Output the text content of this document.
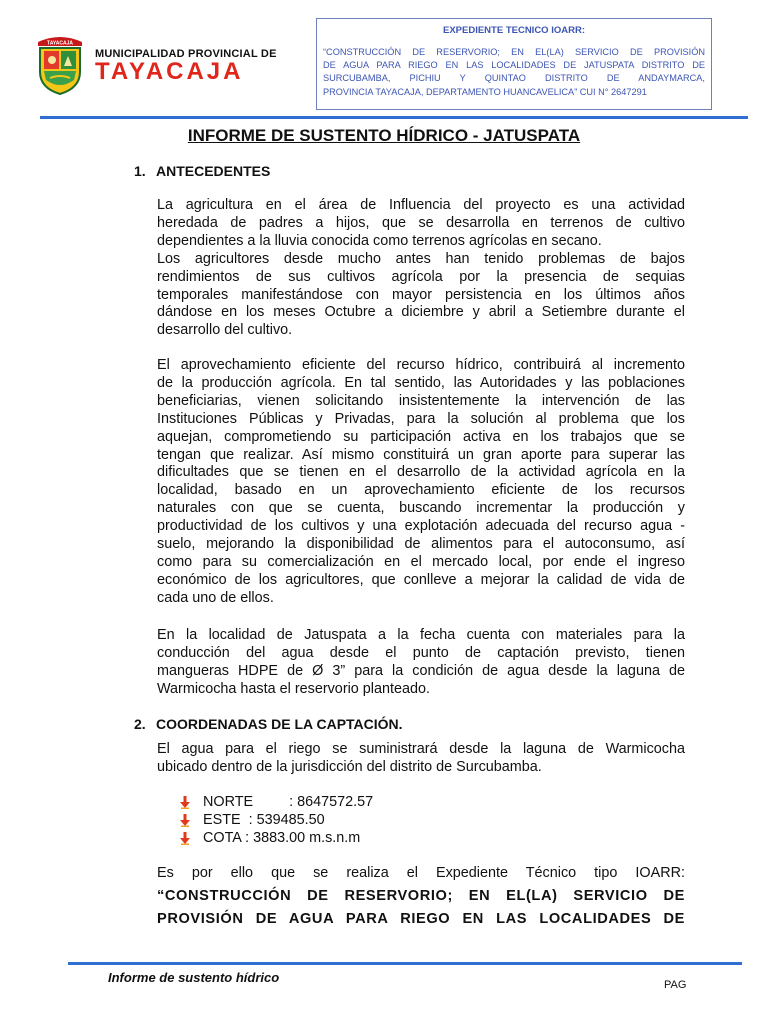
TAYACAJA
MUNICIPALIDAD PROVINCIAL DE
TAYACAJA
EXPEDIENTE TECNICO IOARR:
“CONSTRUCCIÓN DE RESERVORIO; EN EL(LA) SERVICIO DE PROVISIÓN
DE AGUA PARA RIEGO EN LAS LOCALIDADES DE JATUSPATA DISTRITO DE
SURCUBAMBA, PICHIU Y QUINTAO DISTRITO DE ANDAYMARCA,
PROVINCIA TAYACAJA, DEPARTAMENTO HUANCAVELICA” CUI N° 2647291
INFORME DE SUSTENTO HÍDRICO - JATUSPATA
1. ANTECEDENTES
La agricultura en el área de Influencia del proyecto es una actividad
heredada de padres a hijos, que se desarrolla en terrenos de cultivo
dependientes a la lluvia conocida como terrenos agrícolas en secano.
Los agricultores desde mucho antes han tenido problemas de bajos
rendimientos de sus cultivos agrícola por la presencia de sequias
temporales manifestándose con mayor persistencia en los últimos años
dándose en los meses Octubre a diciembre y abril a Setiembre durante el
desarrollo del cultivo.
El aprovechamiento eficiente del recurso hídrico, contribuirá al incremento
de la producción agrícola. En tal sentido, las Autoridades y las poblaciones
beneficiarias, vienen solicitando insistentemente la intervención de las
Instituciones Públicas y Privadas, para la solución al problema que los
aquejan, comprometiendo su participación activa en los trabajos que se
tengan que realizar. Así mismo constituirá un gran aporte para superar las
dificultades que se tienen en el desarrollo de la actividad agrícola en la
localidad, basado en un aprovechamiento eficiente de los recursos
naturales con que se cuenta, buscando incrementar la producción y
productividad de los cultivos y una explotación adecuada del recurso agua -
suelo, mejorando la disponibilidad de alimentos para el autoconsumo, así
como para su comercialización en el mercado local, por ende el ingreso
económico de los agricultores, que conlleve a mejorar la calidad de vida de
cada uno de ellos.
En la localidad de Jatuspata a la fecha cuenta con materiales para la
conducción del agua desde el punto de captación previsto, tienen
mangueras HDPE de Ø 3” para la condición de agua desde la laguna de
Warmicocha hasta el reservorio planteado.
2. COORDENADAS DE LA CAPTACIÓN.
El agua para el riego se suministrará desde la laguna de Warmicocha
ubicado dentro de la jurisdicción del distrito de Surcubamba.
NORTE         : 8647572.57
ESTE  : 539485.50
COTA : 3883.00 m.s.n.m
Es por ello que se realiza el Expediente Técnico tipo IOARR:
“CONSTRUCCIÓN DE RESERVORIO; EN EL(LA) SERVICIO DE
PROVISIÓN DE AGUA PARA RIEGO EN LAS LOCALIDADES DE
Informe de sustento hídrico	PAG
